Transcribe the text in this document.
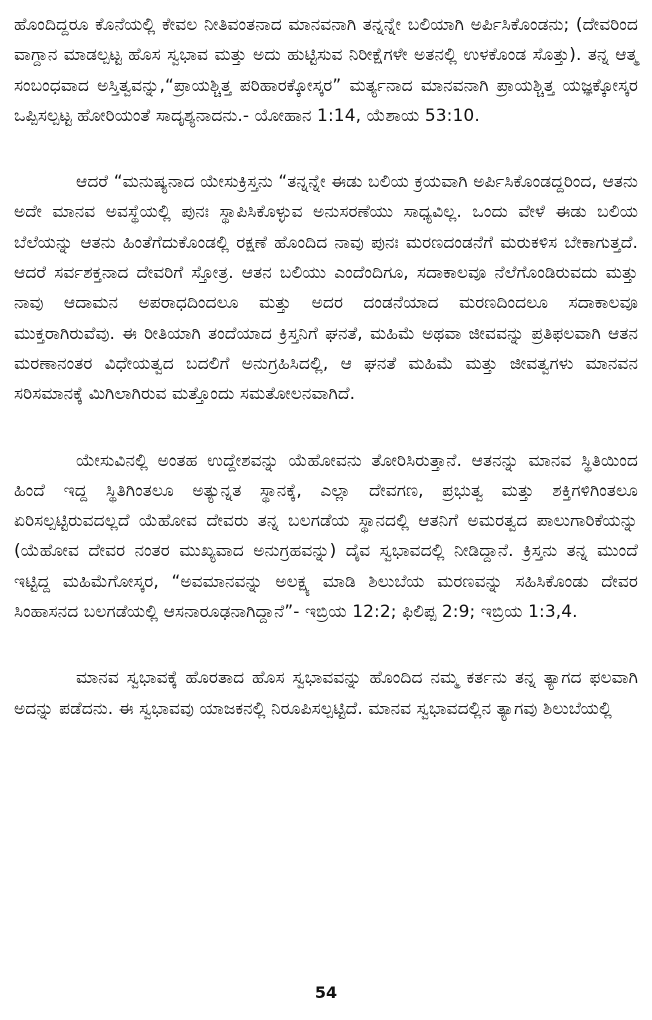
ಹೊಂದಿದ್ದರೂ ಕೊನೆಯಲ್ಲಿ ಕೇವಲ ನೀತಿವಂತನಾದ ಮಾನವನಾಗಿ ತನ್ನನ್ನೇ ಬಲಿಯಾಗಿ ಅರ್ಪಿಸಿಕೊಂಡನು; (ದೇವರಿಂದ ವಾಗ್ದಾನ ಮಾಡಲ್ಪಟ್ಟ ಹೊಸ ಸ್ವಭಾವ ಮತ್ತು ಅದು ಹುಟ್ಟಿಸುವ ನಿರೀಕ್ಷೆಗಳೇ ಅತನಲ್ಲಿ ಉಳಕೊಂಡ ಸೊತ್ತು). ತನ್ನ ಆತ್ಮ ಸಂಬಂಧವಾದ ಅಸ್ತಿತ್ವವನ್ನು,“ಪ್ರಾಯಶ್ಚಿತ್ತ ಪರಿಹಾರಕ್ಕೋಸ್ಕರ” ಮರ್ತ್ಯನಾದ ಮಾನವನಾಗಿ ಪ್ರಾಯಶ್ಚಿತ್ತ ಯಜ್ಞಕ್ಕೋಸ್ಕರ ಒಪ್ಪಿಸಲ್ಪಟ್ಟ ಹೋರಿಯಂತೆ ಸಾದೃಶ್ಯನಾದನು.- ಯೋಹಾನ 1:14, ಯೆಶಾಯ 53:10.

ಆದರೆ “ಮನುಷ್ಯನಾದ ಯೇಸುಕ್ರಿಸ್ತನು “ತನ್ನನ್ನೇ ಈಡು ಬಲಿಯ ಕ್ರಯವಾಗಿ ಅರ್ಪಿಸಿಕೊಂಡದ್ದರಿಂದ, ಆತನು ಅದೇ ಮಾನವ ಅವಸ್ಥೆಯಲ್ಲಿ ಪುನಃ ಸ್ಥಾಪಿಸಿಕೊಳ್ಳುವ ಅನುಸರಣೆಯು ಸಾಧ್ಯವಿಲ್ಲ. ಒಂದು ವೇಳೆ ಈಡು ಬಲಿಯ ಬೆಲೆಯನ್ನು ಆತನು ಹಿಂತೆಗೆದುಕೊಂಡಲ್ಲಿ ರಕ್ಷಣೆ ಹೊಂದಿದ ನಾವು ಪುನಃ ಮರಣದಂಡನೆಗೆ ಮರುಕಳಿಸ ಬೇಕಾಗುತ್ತದೆ. ಆದರೆ ಸರ್ವಶಕ್ತನಾದ ದೇವರಿಗೆ ಸ್ತೋತ್ರ. ಆತನ ಬಲಿಯು ಎಂದೆಂದಿಗೂ, ಸದಾಕಾಲವೂ ನೆಲೆಗೊಂಡಿರುವದು ಮತ್ತು ನಾವು ಆದಾಮನ ಅಪರಾಧದಿಂದಲೂ ಮತ್ತು ಅದರ ದಂಡನೆಯಾದ ಮರಣದಿಂದಲೂ ಸದಾಕಾಲವೂ ಮುಕ್ತರಾಗಿರುವೆವು. ಈ ರೀತಿಯಾಗಿ ತಂದೆಯಾದ ಕ್ರಿಸ್ತನಿಗೆ ಘನತೆ, ಮಹಿಮೆ ಅಥವಾ ಜೀವವನ್ನು ಪ್ರತಿಫಲವಾಗಿ ಆತನ ಮರಣಾನಂತರ ವಿಧೇಯತ್ವದ ಬದಲಿಗೆ ಅನುಗ್ರಹಿಸಿದಲ್ಲಿ, ಆ ಘನತೆ ಮಹಿಮೆ ಮತ್ತು ಜೀವತ್ವಗಳು ಮಾನವನ ಸರಿಸಮಾನಕ್ಕೆ ಮಿಗಿಲಾಗಿರುವ ಮತ್ತೊಂದು ಸಮತೋಲನವಾಗಿದೆ.

ಯೇಸುವಿನಲ್ಲಿ ಅಂತಹ ಉದ್ದೇಶವನ್ನು ಯೆಹೋವನು ತೋರಿಸಿರುತ್ತಾನೆ. ಆತನನ್ನು ಮಾನವ ಸ್ಥಿತಿಯಿಂದ ಹಿಂದೆ ಇದ್ದ ಸ್ಥಿತಿಗಿಂತಲೂ ಅತ್ಯುನ್ನತ ಸ್ಥಾನಕ್ಕೆ, ಎಲ್ಲಾ ದೇವಗಣ, ಪ್ರಭುತ್ವ ಮತ್ತು ಶಕ್ತಿಗಳಿಗಿಂತಲೂ ಏರಿಸಲ್ಪಟ್ಟಿರುವದಲ್ಲದೆ ಯೆಹೋವ ದೇವರು ತನ್ನ ಬಲಗಡೆಯ ಸ್ಥಾನದಲ್ಲಿ ಆತನಿಗೆ ಅಮರತ್ವದ ಪಾಲುಗಾರಿಕೆಯನ್ನು (ಯೆಹೋವ ದೇವರ ನಂತರ ಮುಖ್ಯವಾದ ಅನುಗ್ರಹವನ್ನು) ದೈವ ಸ್ವಭಾವದಲ್ಲಿ ನೀಡಿದ್ದಾನೆ. ಕ್ರಿಸ್ತನು ತನ್ನ ಮುಂದೆ ಇಟ್ಟಿದ್ದ ಮಹಿಮೆಗೋಸ್ಕರ, “ಅವಮಾನವನ್ನು ಅಲಕ್ಷ್ಯ ಮಾಡಿ ಶಿಲುಬೆಯ ಮರಣವನ್ನು ಸಹಿಸಿಕೊಂಡು ದೇವರ ಸಿಂಹಾಸನದ ಬಲಗಡೆಯಲ್ಲಿ ಆಸನಾರೂಢನಾಗಿದ್ದಾನೆ”- ಇಬ್ರಿಯ 12:2; ಫಿಲಿಪ್ಪ 2:9; ಇಬ್ರಿಯ 1:3,4.

ಮಾನವ ಸ್ವಭಾವಕ್ಕೆ ಹೊರತಾದ ಹೊಸ ಸ್ವಭಾವವನ್ನು ಹೊಂದಿದ ನಮ್ಮ ಕರ್ತನು ತನ್ನ ತ್ಯಾಗದ ಫಲವಾಗಿ ಅದನ್ನು ಪಡೆದನು. ಈ ಸ್ವಭಾವವು ಯಾಜಕನಲ್ಲಿ ನಿರೂಪಿಸಲ್ಪಟ್ಟಿದೆ. ಮಾನವ ಸ್ವಭಾವದಲ್ಲಿನ ತ್ಯಾಗವು ಶಿಲುಬೆಯಲ್ಲಿ

54
